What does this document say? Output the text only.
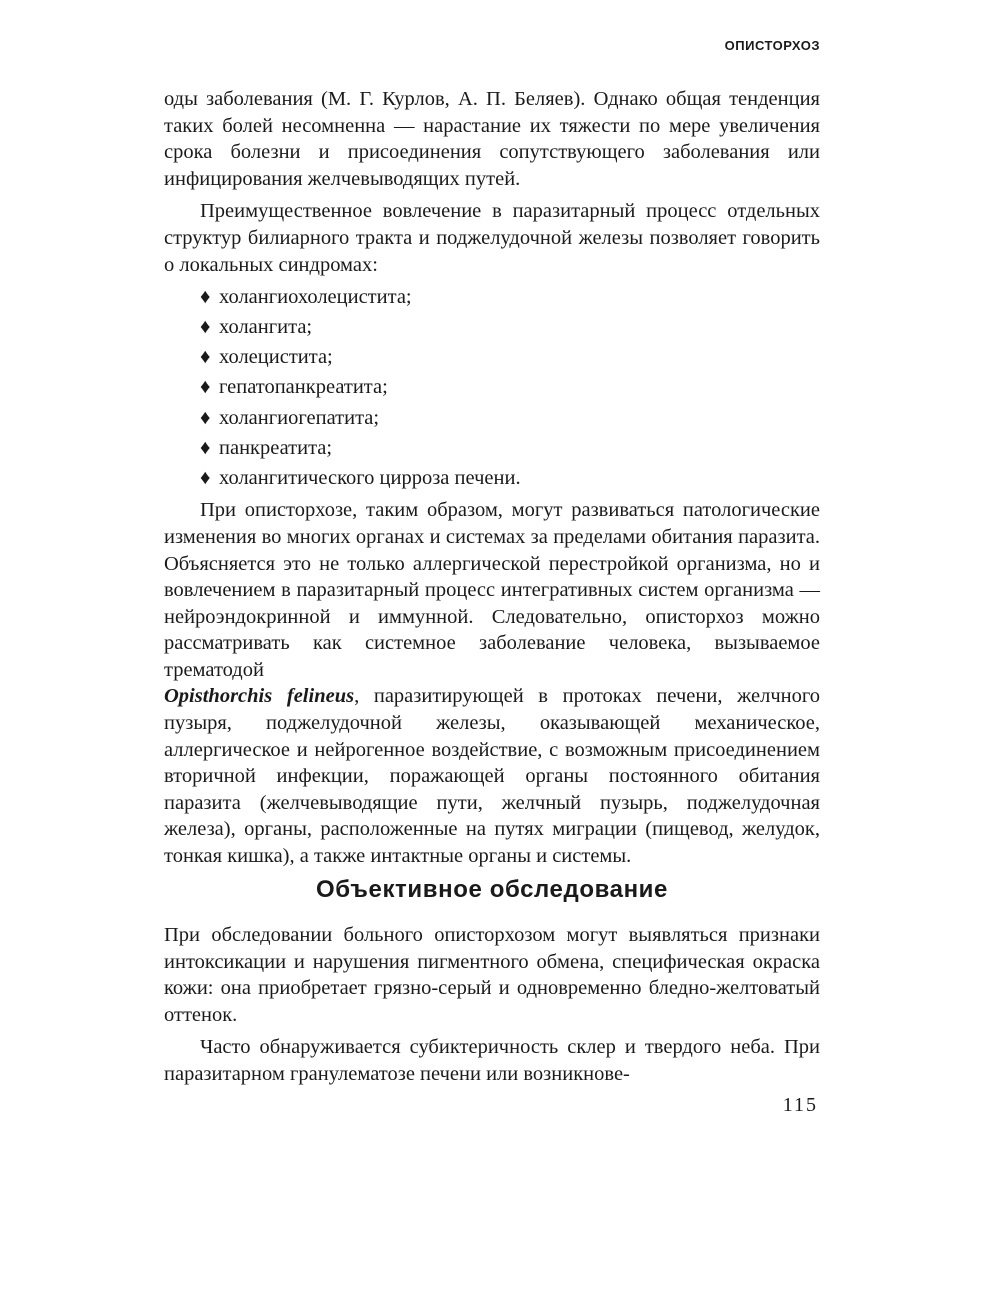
ОПИСТОРХОЗ

оды заболевания (М. Г. Курлов, А. П. Беляев). Однако общая тенденция таких болей несомненна — нарастание их тяжести по мере увеличения срока болезни и присоединения сопутствующего заболевания или инфицирования желчевыводящих путей.

Преимущественное вовлечение в паразитарный процесс отдельных структур билиарного тракта и поджелудочной железы позволяет говорить о локальных синдромах:

♦ холангиохолецистита;
♦ холангита;
♦ холецистита;
♦ гепатопанкреатита;
♦ холангиогепатита;
♦ панкреатита;
♦ холангитического цирроза печени.

При описторхозе, таким образом, могут развиваться патологические изменения во многих органах и системах за пределами обитания паразита. Объясняется это не только аллергической перестройкой организма, но и вовлечением в паразитарный процесс интегративных систем организма — нейроэндокринной и иммунной. Следовательно, описторхоз можно рассматривать как системное заболевание человека, вызываемое трематодой
Opisthorchis felineus, паразитирующей в протоках печени, желчного пузыря, поджелудочной железы, оказывающей механическое, аллергическое и нейрогенное воздействие, с возможным присоединением вторичной инфекции, поражающей органы постоянного обитания паразита (желчевыводящие пути, желчный пузырь, поджелудочная железа), органы, расположенные на путях миграции (пищевод, желудок, тонкая кишка), а также интактные органы и системы.

Объективное обследование

При обследовании больного описторхозом могут выявляться признаки интоксикации и нарушения пигментного обмена, специфическая окраска кожи: она приобретает грязно-серый и одновременно бледно-желтоватый оттенок.

Часто обнаруживается субиктеричность склер и твердого неба. При паразитарном гранулематозе печени или возникнове-

115
